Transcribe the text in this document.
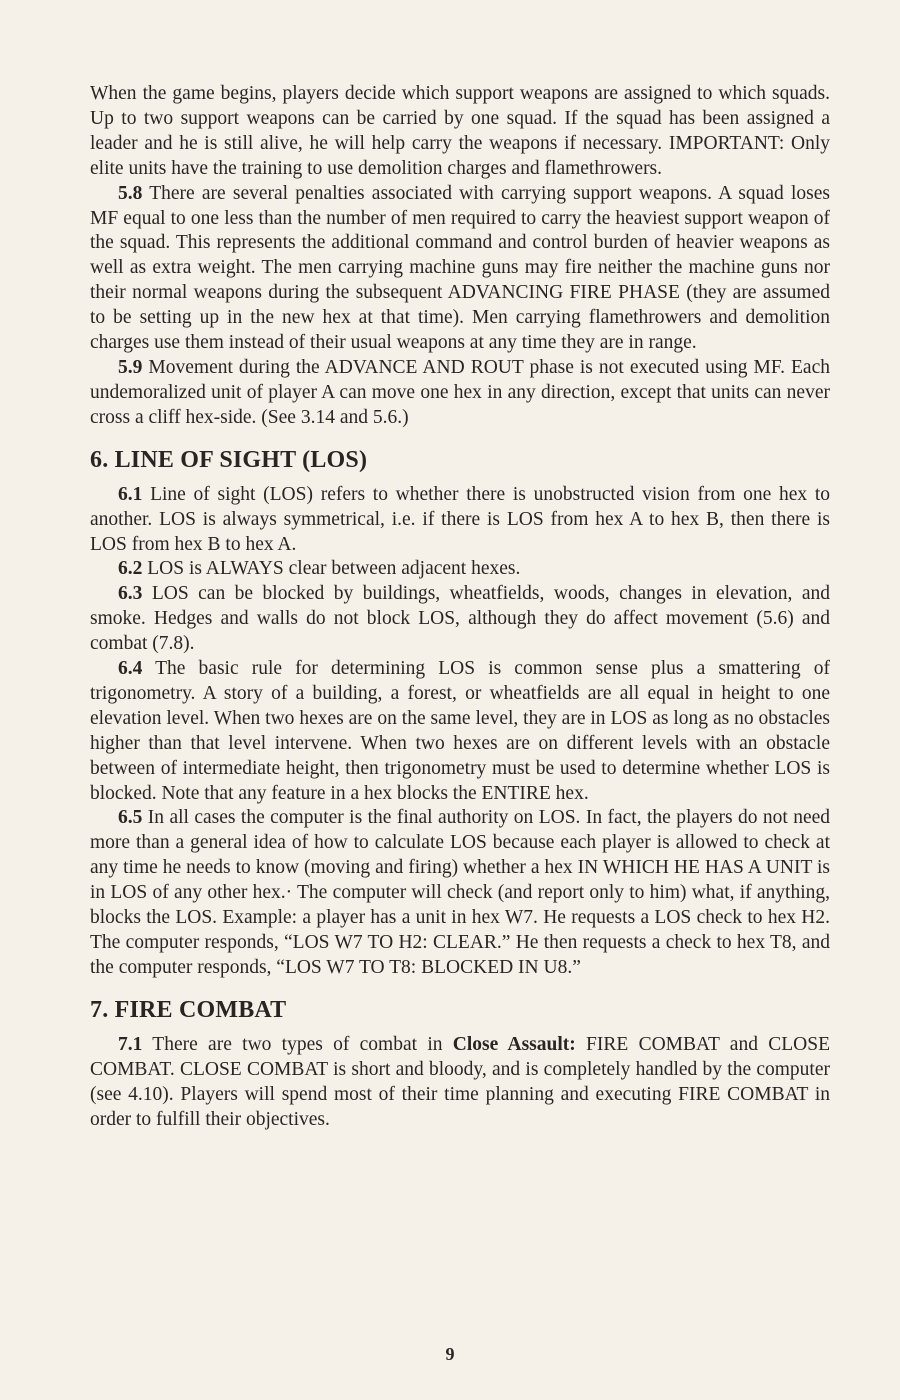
When the game begins, players decide which support weapons are assigned to which squads. Up to two support weapons can be carried by one squad. If the squad has been assigned a leader and he is still alive, he will help carry the weapons if necessary. IMPORTANT: Only elite units have the training to use demolition charges and flamethrowers.

5.8 There are several penalties associated with carrying support weapons. A squad loses MF equal to one less than the number of men required to carry the heaviest support weapon of the squad. This represents the additional command and control burden of heavier weapons as well as extra weight. The men carrying machine guns may fire neither the machine guns nor their normal weapons during the subsequent ADVANCING FIRE PHASE (they are assumed to be setting up in the new hex at that time). Men carrying flamethrowers and demolition charges use them instead of their usual weapons at any time they are in range.

5.9 Movement during the ADVANCE AND ROUT phase is not executed using MF. Each undemoralized unit of player A can move one hex in any direction, except that units can never cross a cliff hex-side. (See 3.14 and 5.6.)

6. LINE OF SIGHT (LOS)

6.1 Line of sight (LOS) refers to whether there is unobstructed vision from one hex to another. LOS is always symmetrical, i.e. if there is LOS from hex A to hex B, then there is LOS from hex B to hex A.

6.2 LOS is ALWAYS clear between adjacent hexes.

6.3 LOS can be blocked by buildings, wheatfields, woods, changes in elevation, and smoke. Hedges and walls do not block LOS, although they do affect movement (5.6) and combat (7.8).

6.4 The basic rule for determining LOS is common sense plus a smattering of trigonometry. A story of a building, a forest, or wheatfields are all equal in height to one elevation level. When two hexes are on the same level, they are in LOS as long as no obstacles higher than that level intervene. When two hexes are on different levels with an obstacle between of intermediate height, then trigonometry must be used to determine whether LOS is blocked. Note that any feature in a hex blocks the ENTIRE hex.

6.5 In all cases the computer is the final authority on LOS. In fact, the players do not need more than a general idea of how to calculate LOS because each player is allowed to check at any time he needs to know (moving and firing) whether a hex IN WHICH HE HAS A UNIT is in LOS of any other hex.· The computer will check (and report only to him) what, if anything, blocks the LOS. Example: a player has a unit in hex W7. He requests a LOS check to hex H2. The computer responds, “LOS W7 TO H2: CLEAR.” He then requests a check to hex T8, and the computer responds, “LOS W7 TO T8: BLOCKED IN U8.”

7. FIRE COMBAT

7.1 There are two types of combat in Close Assault: FIRE COMBAT and CLOSE COMBAT. CLOSE COMBAT is short and bloody, and is completely handled by the computer (see 4.10). Players will spend most of their time planning and executing FIRE COMBAT in order to fulfill their objectives.

9
